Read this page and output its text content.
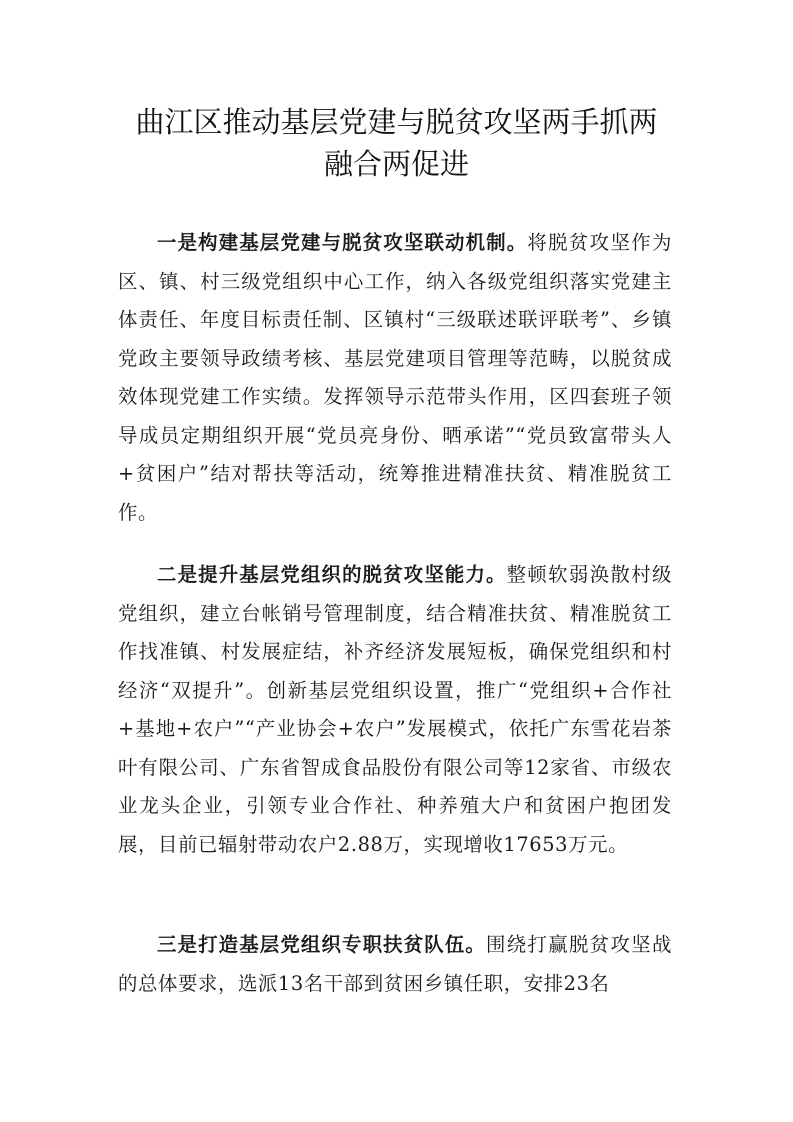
曲江区推动基层党建与脱贫攻坚两手抓两
融合两促进

一是构建基层党建与脱贫攻坚联动机制。将脱贫攻坚作为区、镇、村三级党组织中心工作，纳入各级党组织落实党建主体责任、年度目标责任制、区镇村“三级联述联评联考”、乡镇党政主要领导政绩考核、基层党建项目管理等范畴，以脱贫成效体现党建工作实绩。发挥领导示范带头作用，区四套班子领导成员定期组织开展“党员亮身份、晒承诺”“党员致富带头人+贫困户”结对帮扶等活动，统筹推进精准扶贫、精准脱贫工作。

二是提升基层党组织的脱贫攻坚能力。整顿软弱涣散村级党组织，建立台帐销号管理制度，结合精准扶贫、精准脱贫工作找准镇、村发展症结，补齐经济发展短板，确保党组织和村经济“双提升”。创新基层党组织设置，推广“党组织+合作社+基地+农户”“产业协会+农户”发展模式，依托广东雪花岩茶叶有限公司、广东省智成食品股份有限公司等12家省、市级农业龙头企业，引领专业合作社、种养殖大户和贫困户抱团发展，目前已辐射带动农户2.88万，实现增收17653万元。

三是打造基层党组织专职扶贫队伍。围绕打赢脱贫攻坚战的总体要求，选派13名干部到贫困乡镇任职，安排23名
